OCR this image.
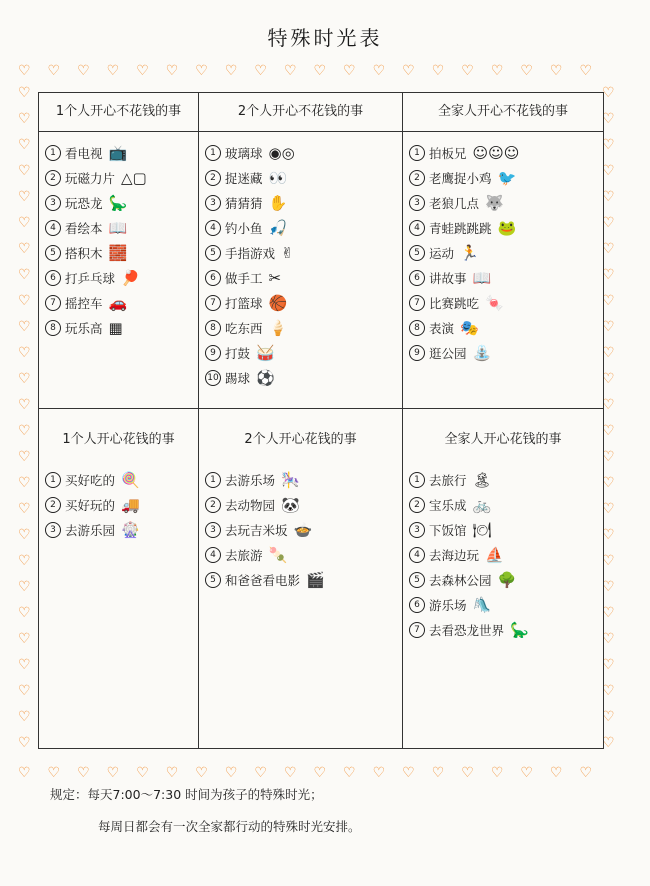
特殊时光表
♡♡♡♡♡♡♡♡♡♡♡♡♡♡♡♡♡♡♡♡
♡♡♡♡♡♡♡♡♡♡♡♡♡♡♡♡♡♡♡♡
♡
♡
♡
♡
♡
♡
♡
♡
♡
♡
♡
♡
♡
♡
♡
♡
♡
♡
♡
♡
♡
♡
♡
♡
♡
♡
♡
♡
♡
♡
♡
♡
♡
♡
♡
♡
♡
♡
♡
♡
♡
♡
♡
♡
♡
♡
♡
♡
♡
♡
♡
♡
1个人开心不花钱的事
1 看电视 📺
2 玩磁力片 △▢
3 玩恐龙 🦕
4 看绘本 📖
5 搭积木 🧱
6 打乒乓球 🏓
7 摇控车 🚗
8 玩乐高 ▦
2个人开心不花钱的事
1 玻璃球 ◉◎
2 捉迷藏 👀
3 猜猜猜 ✋
4 钓小鱼 🎣
5 手指游戏 ✌
6 做手工 ✂
7 打篮球 🏀
8 吃东西 🍦
9 打鼓 🥁
10 踢球 ⚽
全家人开心不花钱的事
1 拍板兄 ☺☺☺
2 老鹰捉小鸡 🐦
3 老狼几点 🐺
4 青蛙跳跳跳 🐸
5 运动 🏃
6 讲故事 📖
7 比赛跳吃 🍬
8 表演 🎭
9 逛公园 ⛲
1个人开心花钱的事
1 买好吃的 🍭
2 买好玩的 🚚
3 去游乐园 🎡
2个人开心花钱的事
1 去游乐场 🎠
2 去动物园 🐼
3 去玩吉米坂 🍲
4 去旅游 🍡
5 和爸爸看电影 🎬
全家人开心花钱的事
1 去旅行 🏝
2 宝乐成 🚲
3 下饭馆 🍽
4 去海边玩 ⛵
5 去森林公园 🌳
6 游乐场 🛝
7 去看恐龙世界 🦕

规定：每天7:00～7:30 时间为孩子的特殊时光；

每周日都会有一次全家都行动的特殊时光安排。
